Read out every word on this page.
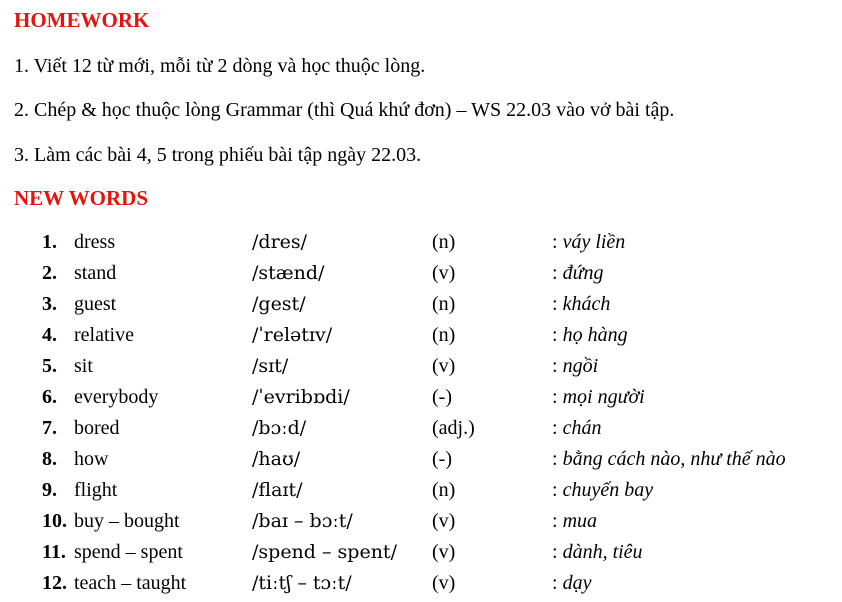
HOMEWORK

1. Viết 12 từ mới, mỗi từ 2 dòng và học thuộc lòng.

2. Chép & học thuộc lòng Grammar (thì Quá khứ đơn) – WS 22.03 vào vở bài tập.

3. Làm các bài 4, 5 trong phiếu bài tập ngày 22.03.

NEW WORDS
1. dress	/dres/	(n)	: váy liền
2. stand	/stænd/	(v)	: đứng
3. guest	/gest/	(n)	: khách
4. relative	/ˈrelətɪv/	(n)	: họ hàng
5. sit	/sɪt/	(v)	: ngồi
6. everybody	/ˈevribɒdi/	(-)	: mọi người
7. bored	/bɔːd/	(adj.)	: chán
8. how	/haʊ/	(-)	: bằng cách nào, như thế nào
9. flight	/flaɪt/	(n)	: chuyến bay
10. buy – bought	/baɪ – bɔːt/	(v)	: mua
11. spend – spent	/spend – spent/ (v)	: dành, tiêu
12. teach – taught	/tiːtʃ – tɔːt/	(v)	: dạy
